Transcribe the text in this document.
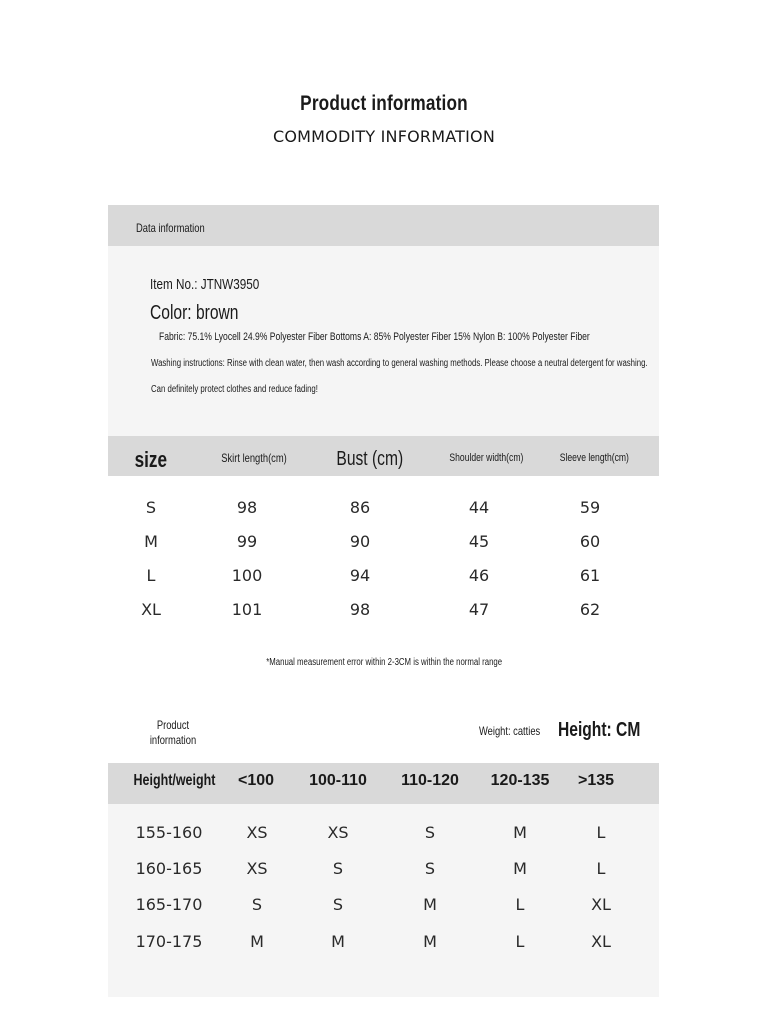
Product information
COMMODITY INFORMATION
Data information
Item No.: JTNW3950
Color: brown
Fabric: 75.1% Lyocell 24.9% Polyester Fiber Bottoms A: 85% Polyester Fiber 15% Nylon B: 100% Polyester Fiber
Washing instructions: Rinse with clean water, then wash according to general washing methods. Please choose a neutral detergent for washing.
Can definitely protect clothes and reduce fading!
size	Skirt length(cm)	Bust (cm)	Shoulder width(cm)	Sleeve length(cm)
S	98	86	44	59
M	99	90	45	60
L	100	94	46	61
XL	101	98	47	62
*Manual measurement error within 2-3CM is within the normal range
Product information
Weight: catties Height: CM
Height/weight	<100	100-110	110-120	120-135	>135
155-160	XS	XS	S	M	L
160-165	XS	S	S	M	L
165-170	S	S	M	L	XL
170-175	M	M	M	L	XL
